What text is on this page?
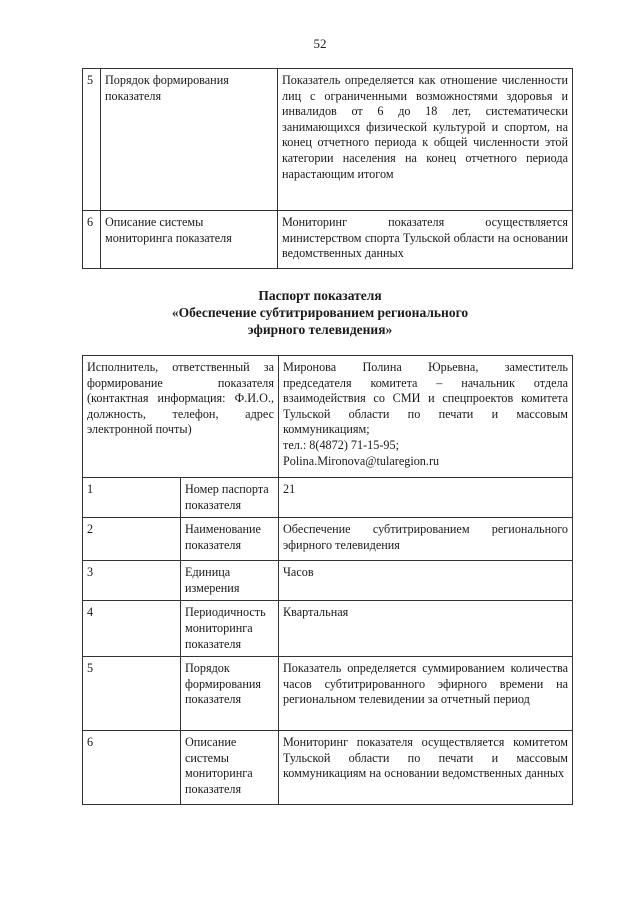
52
5	Порядок формирования показателя	Показатель определяется как отношение численности лиц с ограниченными возможностями здоровья и инвалидов от 6 до 18 лет, систематически занимающихся физической культурой и спортом, на конец отчетного периода к общей численности этой категории населения на конец отчетного периода нарастающим итогом
6	Описание системы мониторинга показателя	Мониторинг показателя осуществляется министерством спорта Тульской области на основании ведомственных данных
Паспорт показателя
«Обеспечение субтитрированием регионального
эфирного телевидения»
Исполнитель, ответственный за формирование показателя (контактная информация: Ф.И.О., должность, телефон, адрес электронной почты)		Миронова Полина Юрьевна, заместитель председателя комитета – начальник отдела взаимодействия со СМИ и спецпроектов комитета Тульской области по печати и массовым коммуникациям;
тел.: 8(4872) 71-15-95;
Polina.Mironova@tularegion.ru

1	Номер паспорта показателя	21
2	Наименование показателя	Обеспечение субтитрированием регионального эфирного телевидения
3	Единица измерения	Часов
4	Периодичность мониторинга показателя	Квартальная
5	Порядок формирования показателя	Показатель определяется суммированием количества часов субтитрированного эфирного времени на региональном телевидении за отчетный период
6	Описание системы мониторинга показателя	Мониторинг показателя осуществляется комитетом Тульской области по печати и массовым коммуникациям на основании ведомственных данных
